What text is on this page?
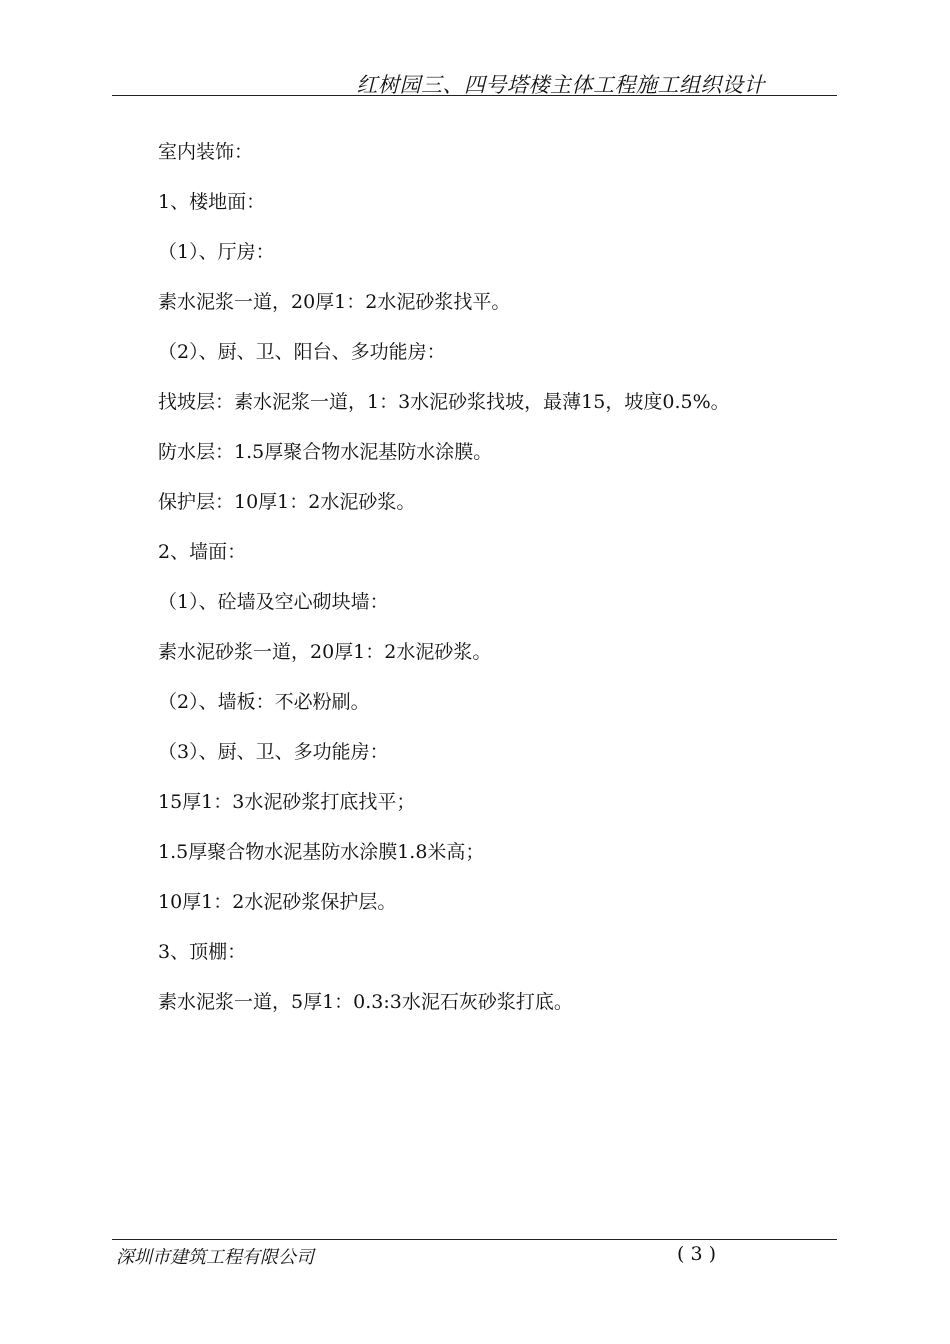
红树园三、四号塔楼主体工程施工组织设计
室内装饰：
1、楼地面：
（1）、厅房：
素水泥浆一道，20厚1：2水泥砂浆找平。
（2）、厨、卫、阳台、多功能房：
找坡层：素水泥浆一道，1：3水泥砂浆找坡，最薄15，坡度0.5%。
防水层：1.5厚聚合物水泥基防水涂膜。
保护层：10厚1：2水泥砂浆。
2、墙面：
（1）、砼墙及空心砌块墙：
素水泥砂浆一道，20厚1：2水泥砂浆。
（2）、墙板：不必粉刷。
（3）、厨、卫、多功能房：
15厚1：3水泥砂浆打底找平；
1.5厚聚合物水泥基防水涂膜1.8米高；
10厚1：2水泥砂浆保护层。
3、顶棚：
素水泥浆一道，5厚1：0.3:3水泥石灰砂浆打底。
深圳市建筑工程有限公司	( 3 )
